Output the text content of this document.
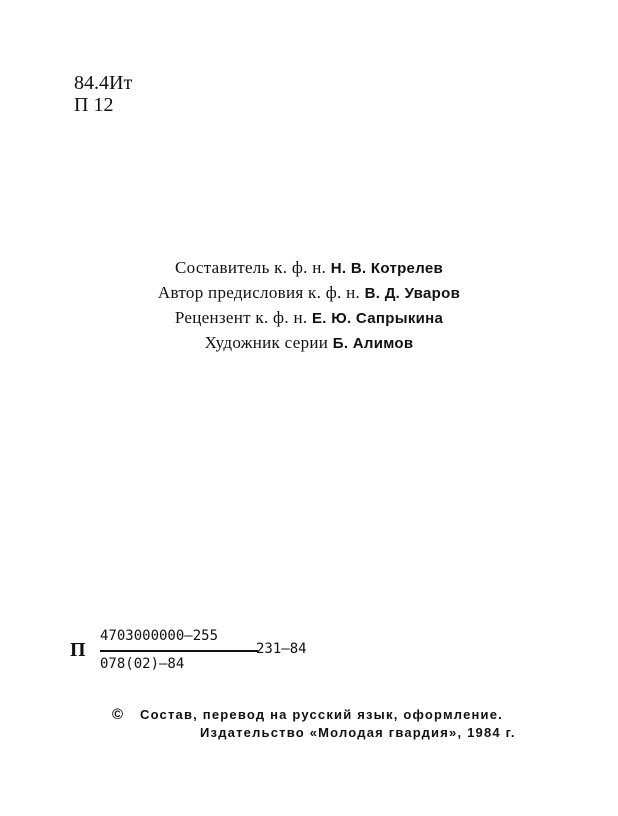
84.4Ит
П 12
Составитель к. ф. н. Н. В. Котрелев
Автор предисловия к. ф. н. В. Д. Уваров
Рецензент к. ф. н. Е. Ю. Сапрыкина
Художник серии Б. Алимов
П
4703000000—255
231—84
078(02)—84
© Состав, перевод на русский язык, оформление.
Издательство «Молодая гвардия», 1984 г.
